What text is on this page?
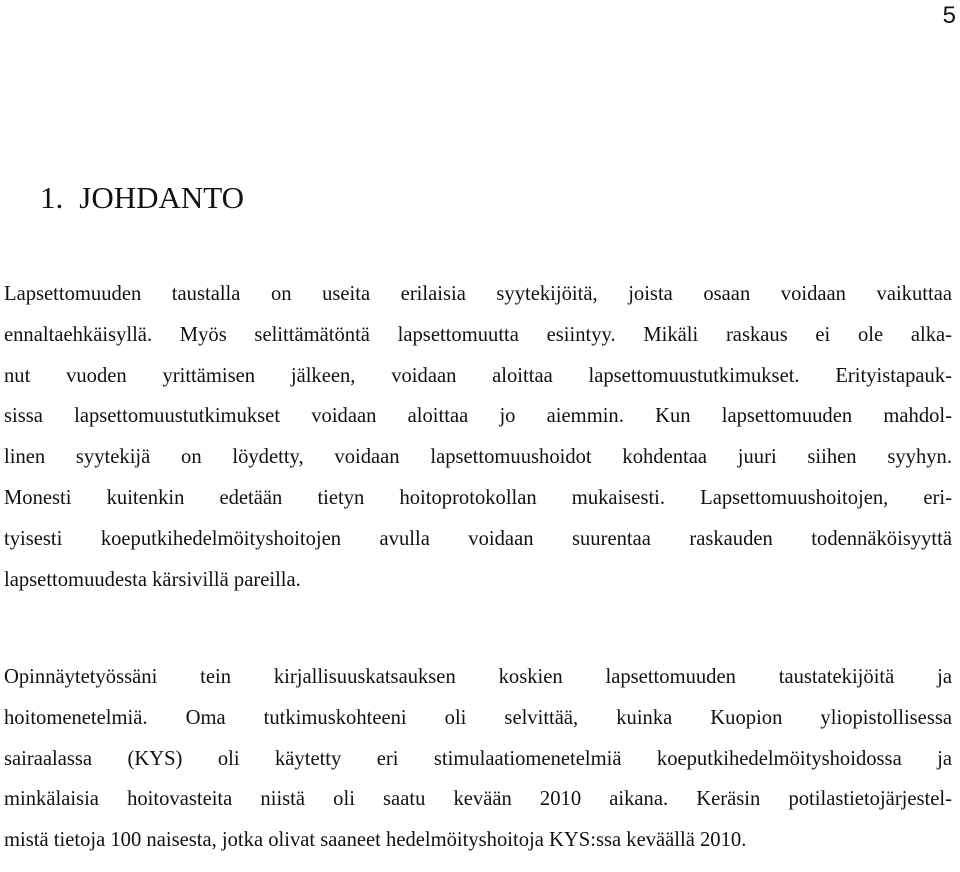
5
1. JOHDANTO
Lapsettomuuden taustalla on useita erilaisia syytekijöitä, joista osaan voidaan vaikuttaa
ennaltaehkäisyllä. Myös selittämätöntä lapsettomuutta esiintyy. Mikäli raskaus ei ole alka-
nut vuoden yrittämisen jälkeen, voidaan aloittaa lapsettomuustutkimukset. Erityistapauk-
sissa lapsettomuustutkimukset voidaan aloittaa jo aiemmin. Kun lapsettomuuden mahdol-
linen syytekijä on löydetty, voidaan lapsettomuushoidot kohdentaa juuri siihen syyhyn.
Monesti kuitenkin edetään tietyn hoitoprotokollan mukaisesti. Lapsettomuushoitojen, eri-
tyisesti koeputkihedelmöityshoitojen avulla voidaan suurentaa raskauden todennäköisyyttä
lapsettomuudesta kärsivillä pareilla.
Opinnäytetyössäni tein kirjallisuuskatsauksen koskien lapsettomuuden taustatekijöitä ja
hoitomenetelmiä. Oma tutkimuskohteeni oli selvittää, kuinka Kuopion yliopistollisessa
sairaalassa (KYS) oli käytetty eri stimulaatiomenetelmiä koeputkihedelmöityshoidossa ja
minkälaisia hoitovasteita niistä oli saatu kevään 2010 aikana. Keräsin potilastietojärjestel-
mistä tietoja 100 naisesta, jotka olivat saaneet hedelmöityshoitoja KYS:ssa keväällä 2010.
